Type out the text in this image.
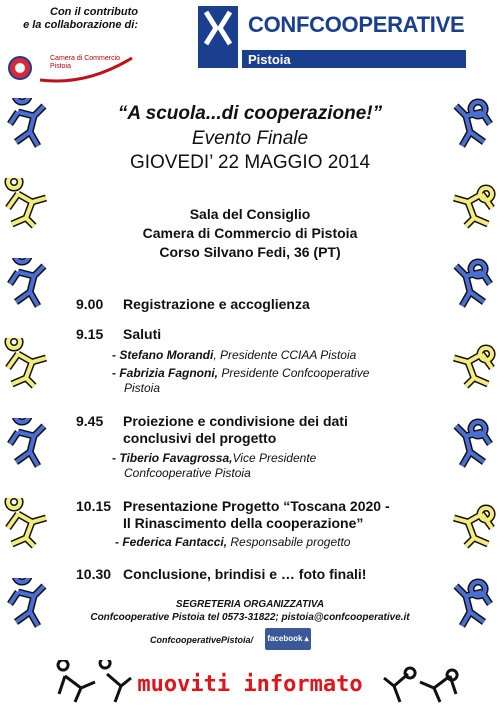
Con il contributo
e la collaborazione di:
Camera di Commercio
Pistoia
CONFCOOPERATIVE
Pistoia
“A scuola...di cooperazione!”
Evento Finale
GIOVEDI’ 22 MAGGIO 2014
Sala del Consiglio
Camera di Commercio di Pistoia
Corso Silvano Fedi, 36 (PT)
9.00 Registrazione e accoglienza
9.15 Saluti
- Stefano Morandi, Presidente CCIAA Pistoia
- Fabrizia Fagnoni, Presidente Confcooperative
Pistoia
9.45 Proiezione e condivisione dei dati
conclusivi del progetto
- Tiberio Favagrossa,Vice Presidente
Confcooperative Pistoia
10.15 Presentazione Progetto “Toscana 2020 -
Il Rinascimento della cooperazione”
- Federica Fantacci, Responsabile progetto
10.30 Conclusione, brindisi e … foto finali!
SEGRETERIA ORGANIZZATIVA
Confcooperative Pistoia tel 0573-31822; pistoia@confcooperative.it
ConfcooperativePistoia/ facebook ▴
muoviti informato
